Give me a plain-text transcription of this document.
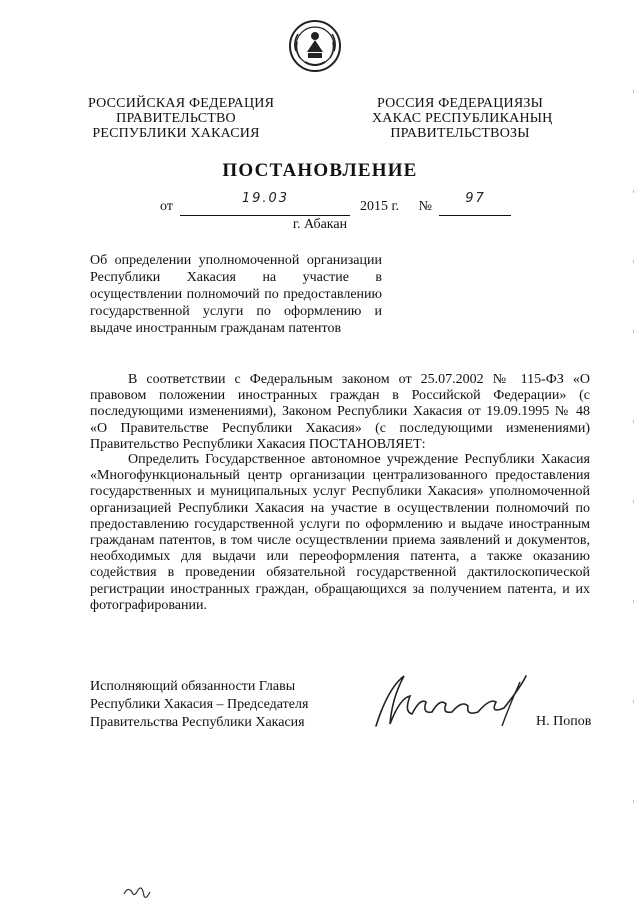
РОССИЙСКАЯ ФЕДЕРАЦИЯ
ПРАВИТЕЛЬСТВО
РЕСПУБЛИКИ ХАКАСИЯ
РОССИЯ ФЕДЕРАЦИЯЗЫ
ХАКАС РЕСПУБЛИКАНЫҢ
ПРАВИТЕЛЬСТВОЗЫ
ПОСТАНОВЛЕНИЕ
от
19.03
2015 г. №
97

г. Абакан
Об определении уполномоченной организации Республики Хакасия на участие в осуществлении полномочий по предоставлению государственной услуги по оформлению и выдаче иностранным гражданам патентов
В соответствии с Федеральным законом от 25.07.2002 № 115-ФЗ «О правовом положении иностранных граждан в Российской Федерации» (с последующими изменениями), Законом Республики Хакасия от 19.09.1995 № 48 «О Правительстве Республики Хакасия» (с последующими изменениями) Правительство Республики Хакасия ПОСТАНОВЛЯЕТ:
Определить Государственное автономное учреждение Республики Хакасия «Многофункциональный центр организации централизованного предоставления государственных и муниципальных услуг Республики Хакасия» уполномоченной организацией Республики Хакасия на участие в осуществлении полномочий по предоставлению государственной услуги по оформлению и выдаче иностранным гражданам патентов, в том числе осуществлении приема заявлений и документов, необходимых для выдачи или переоформления патента, а также оказанию содействия в проведении обязательной государственной дактилоскопической регистрации иностранных граждан, обращающихся за получением патента, и их фотографировании.
Исполняющий обязанности Главы
Республики Хакасия – Председателя
Правительства Республики Хакасия	Н. Попов
